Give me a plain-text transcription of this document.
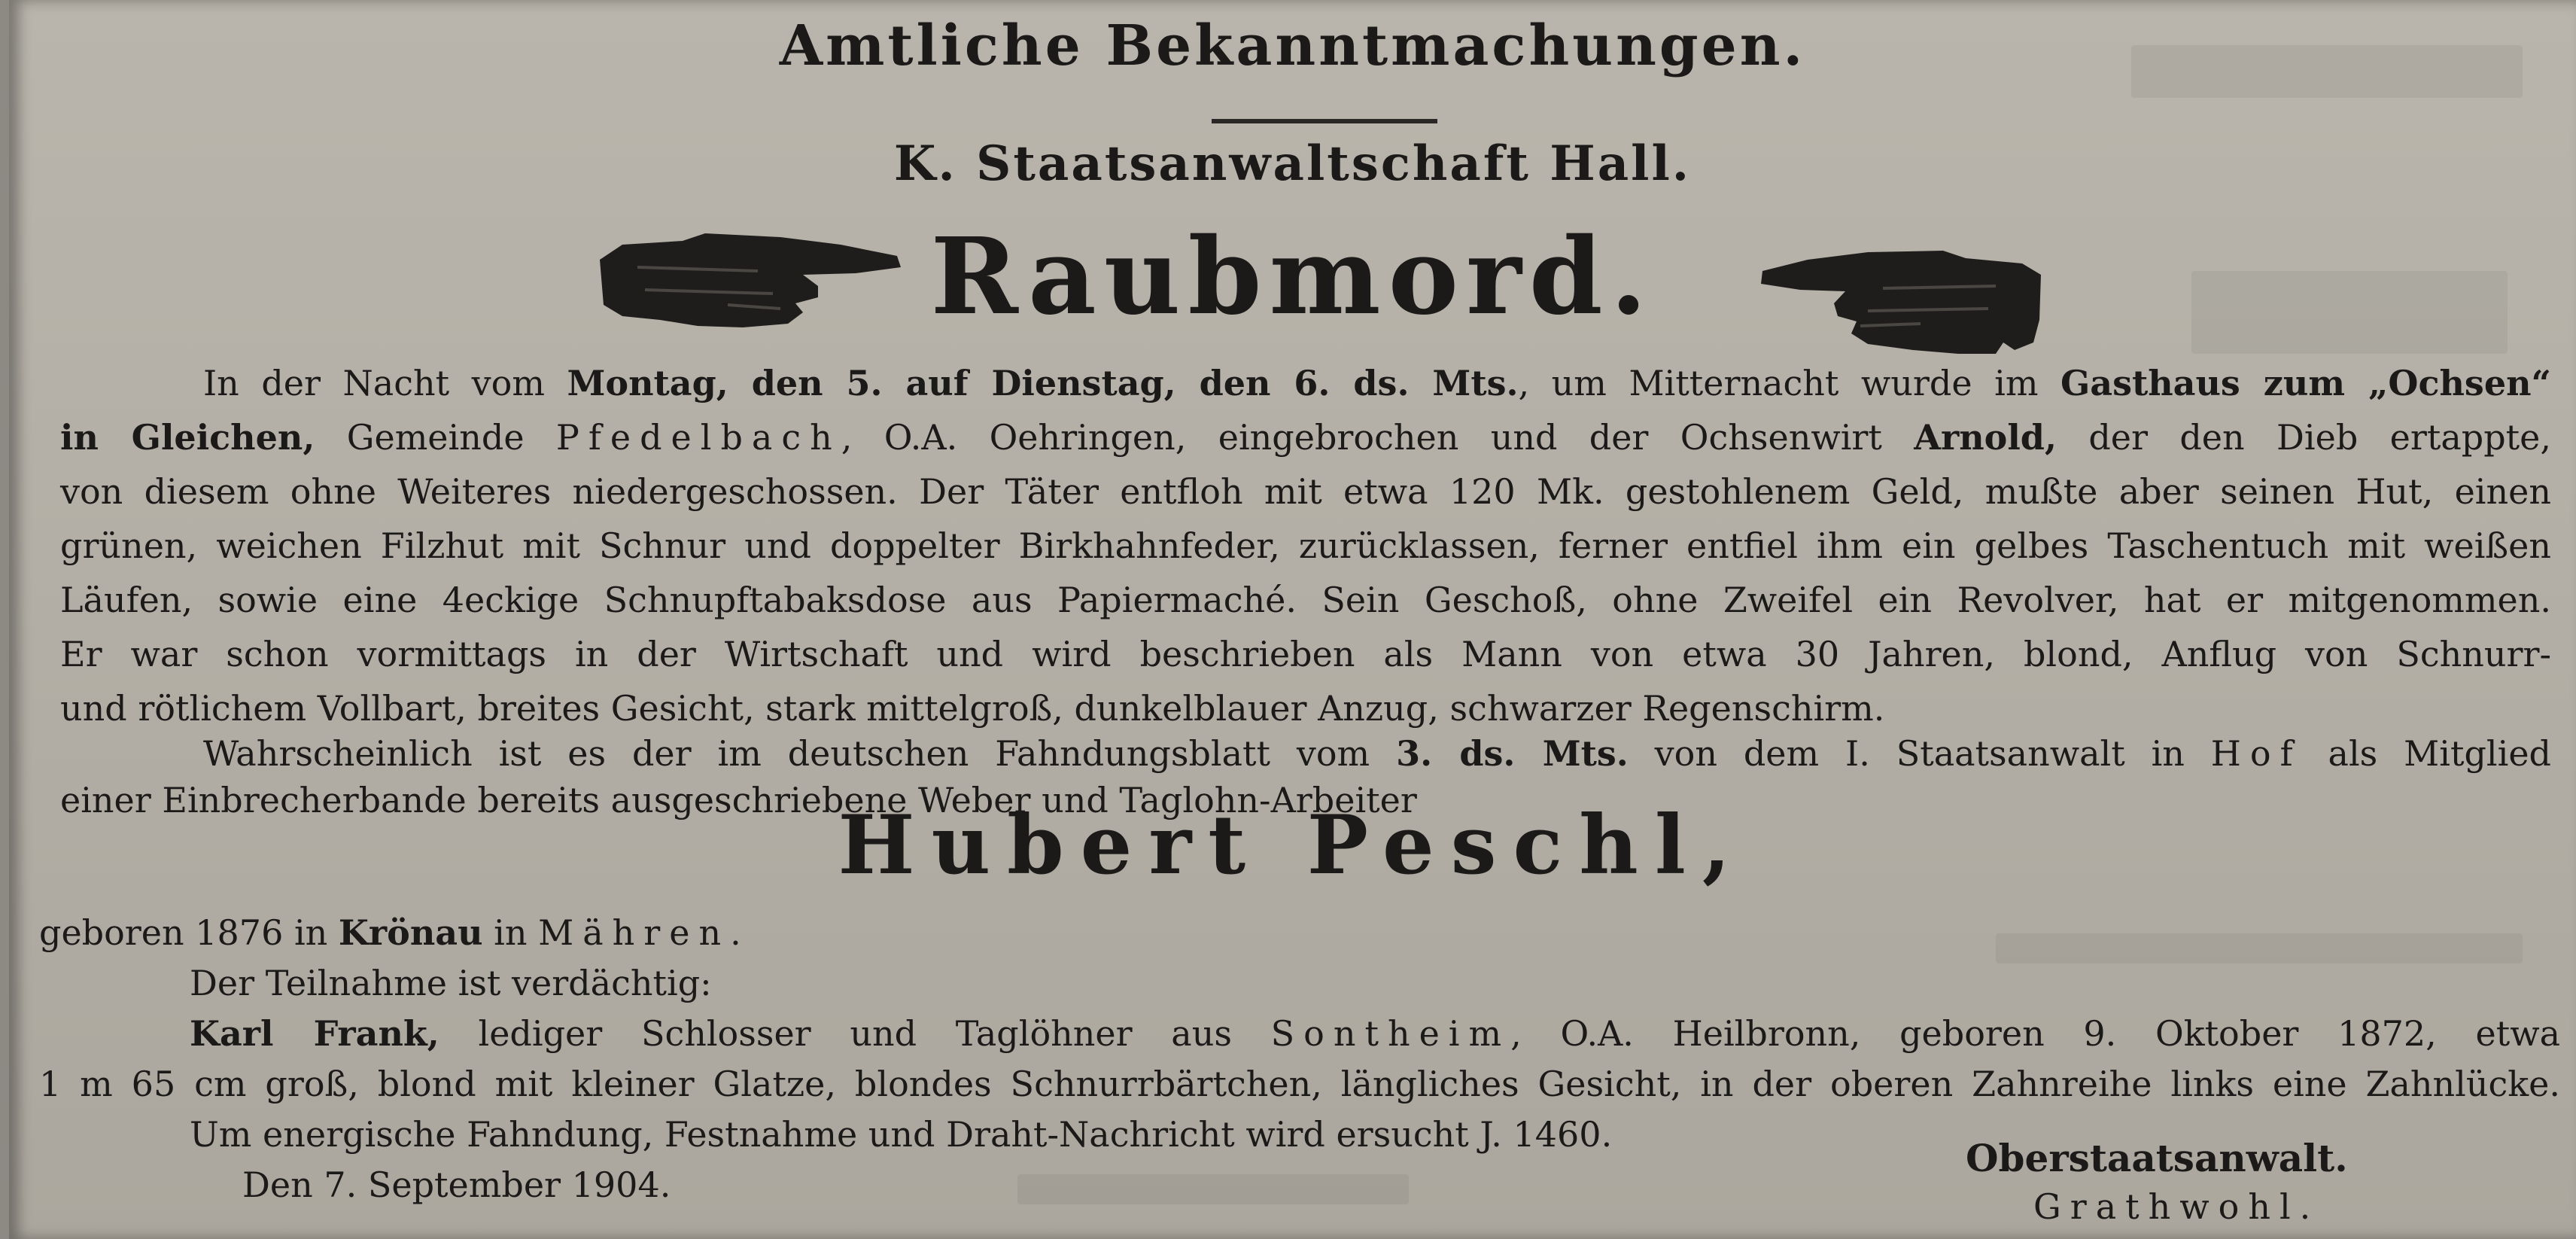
Amtliche Bekanntmachungen.
K. Staatsanwaltschaft Hall.
Raubmord.
In der Nacht vom Montag, den 5. auf Dienstag, den 6. ds. Mts., um Mitternacht wurde im Gasthaus zum „Ochsen“
in Gleichen, Gemeinde Pfedelbach, O.A. Oehringen, eingebrochen und der Ochsenwirt Arnold, der den Dieb ertappte,
von diesem ohne Weiteres niedergeschossen. Der Täter entfloh mit etwa 120 Mk. gestohlenem Geld, mußte aber seinen Hut, einen
grünen, weichen Filzhut mit Schnur und doppelter Birkhahnfeder, zurücklassen, ferner entfiel ihm ein gelbes Taschentuch mit weißen
Läufen, sowie eine 4eckige Schnupftabaksdose aus Papiermaché. Sein Geschoß, ohne Zweifel ein Revolver, hat er mitgenommen.
Er war schon vormittags in der Wirtschaft und wird beschrieben als Mann von etwa 30 Jahren, blond, Anflug von Schnurr-
und rötlichem Vollbart, breites Gesicht, stark mittelgroß, dunkelblauer Anzug, schwarzer Regenschirm.
Wahrscheinlich ist es der im deutschen Fahndungsblatt vom 3. ds. Mts. von dem I. Staatsanwalt in Hof als Mitglied
einer Einbrecherbande bereits ausgeschriebene Weber und Taglohn-Arbeiter
Hubert Peschl,
geboren 1876 in Krönau in Mähren.
Der Teilnahme ist verdächtig:
Karl Frank, lediger Schlosser und Taglöhner aus Sontheim, O.A. Heilbronn, geboren 9. Oktober 1872, etwa
1 m 65 cm groß, blond mit kleiner Glatze, blondes Schnurrbärtchen, längliches Gesicht, in der oberen Zahnreihe links eine Zahnlücke.
Um energische Fahndung, Festnahme und Draht-Nachricht wird ersucht J. 1460.
Den 7. September 1904.
Oberstaatsanwalt.
Grathwohl.
